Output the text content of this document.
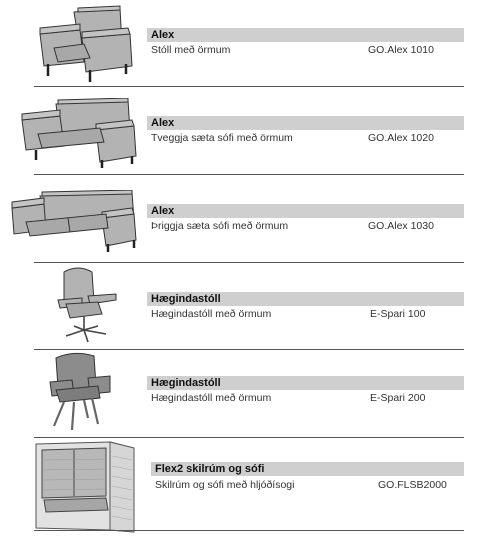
Alex
Stóll með örmum	GO.Alex 1010
Alex
Tveggja sæta sófi með örmum	GO.Alex 1020
Alex
Þriggja sæta sófi með örmum	GO.Alex 1030
Hægindastóll
Hægindastóll með örmum	E-Spari 100
Hægindastóll
Hægindastóll með örmum	E-Spari 200
Flex2 skilrúm og sófi
Skilrúm og sófi með hljóðísogi	GO.FLSB2000
